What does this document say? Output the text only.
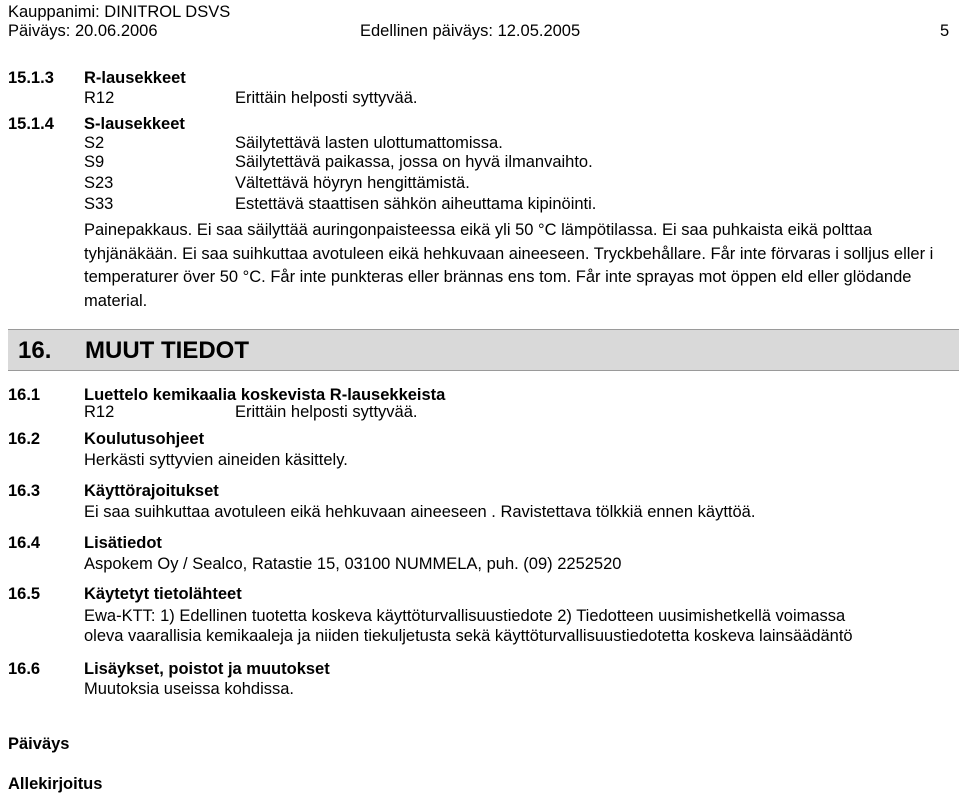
Kauppanimi: DINITROL DSVS
Päiväys: 20.06.2006	Edellinen päiväys: 12.05.2005	5
15.1.3 R-lausekkeet
R12	Erittäin helposti syttyvää.
15.1.4 S-lausekkeet
S2	Säilytettävä lasten ulottumattomissa.
S9	Säilytettävä paikassa, jossa on hyvä ilmanvaihto.
S23	Vältettävä höyryn hengittämistä.
S33	Estettävä staattisen sähkön aiheuttama kipinöinti.
Painepakkaus. Ei saa säilyttää auringonpaisteessa eikä yli 50 °C lämpötilassa. Ei saa puhkaista eikä polttaa tyhjänäkään. Ei saa suihkuttaa avotuleen eikä hehkuvaan aineeseen. Tryckbehållare. Får inte förvaras i solljus eller i temperaturer över 50 °C. Får inte punkteras eller brännas ens tom. Får inte sprayas mot öppen eld eller glödande material.
16. MUUT TIEDOT
16.1	Luettelo kemikaalia koskevista R-lausekkeista
R12	Erittäin helposti syttyvää.
16.2	Koulutusohjeet
Herkästi syttyvien aineiden käsittely.
16.3	Käyttörajoitukset
Ei saa suihkuttaa avotuleen eikä hehkuvaan aineeseen . Ravistettava tölkkiä ennen käyttöä.
16.4	Lisätiedot
Aspokem Oy / Sealco, Ratastie 15, 03100 NUMMELA, puh. (09) 2252520
16.5	Käytetyt tietolähteet
Ewa-KTT: 1) Edellinen tuotetta koskeva käyttöturvallisuustiedote 2) Tiedotteen uusimishetkellä voimassa
oleva vaarallisia kemikaaleja ja niiden tiekuljetusta sekä käyttöturvallisuustiedotetta koskeva lainsäädäntö
16.6	Lisäykset, poistot ja muutokset
Muutoksia useissa kohdissa.
Päiväys
Allekirjoitus
